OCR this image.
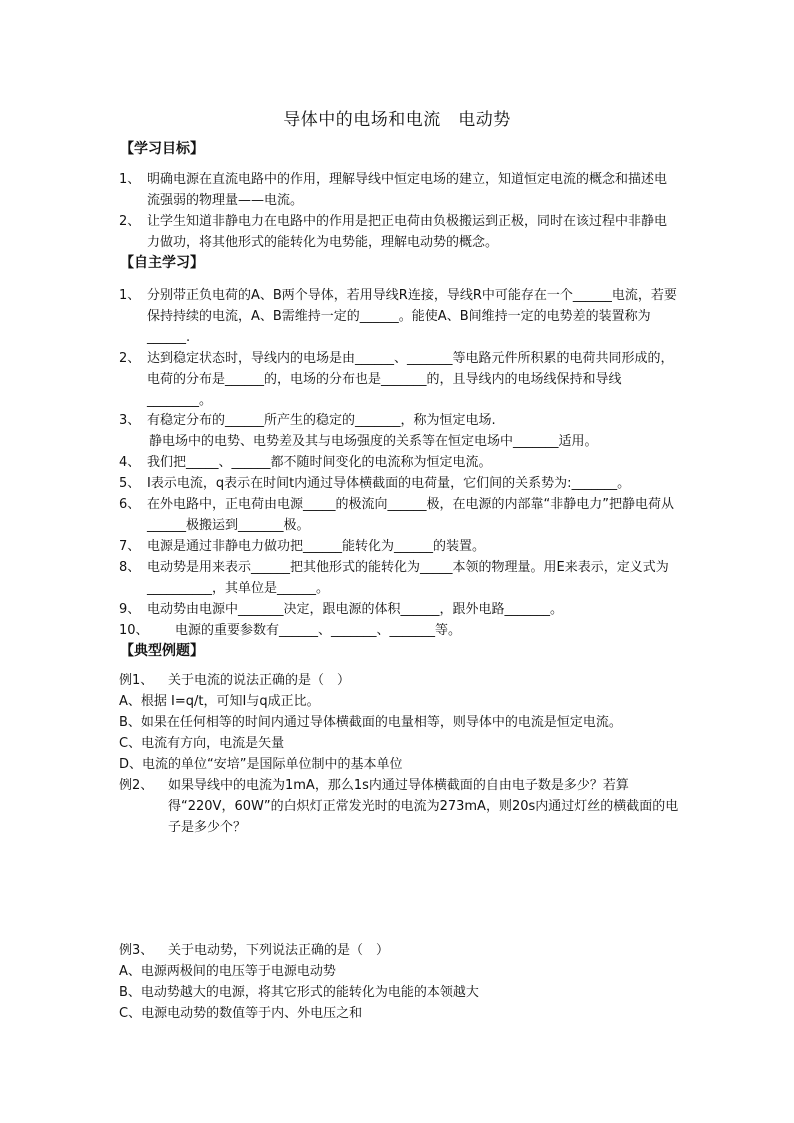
导体中的电场和电流　电动势
【学习目标】
1、 明确电源在直流电路中的作用，理解导线中恒定电场的建立，知道恒定电流的概念和描述电流强弱的物理量——电流。
2、 让学生知道非静电力在电路中的作用是把正电荷由负极搬运到正极，同时在该过程中非静电力做功，将其他形式的能转化为电势能，理解电动势的概念。
【自主学习】
1、 分别带正负电荷的A、B两个导体，若用导线R连接，导线R中可能存在一个______电流，若要保持持续的电流，A、B需维持一定的______。能使A、B间维持一定的电势差的装置称为______.
2、 达到稳定状态时，导线内的电场是由______、_______等电路元件所积累的电荷共同形成的，电荷的分布是______的，电场的分布也是_______的，且导线内的电场线保持和导线________。
3、 有稳定分布的______所产生的稳定的_______，称为恒定电场.
静电场中的电势、电势差及其与电场强度的关系等在恒定电场中_______适用。
4、 我们把_____、______都不随时间变化的电流称为恒定电流。
5、 I表示电流，q表示在时间t内通过导体横截面的电荷量，它们间的关系势为:_______。
6、 在外电路中，正电荷由电源_____的极流向______极，在电源的内部靠“非静电力”把静电荷从______极搬运到_______极。
7、 电源是通过非静电力做功把______能转化为______的装置。
8、 电动势是用来表示______把其他形式的能转化为_____本领的物理量。用E来表示，定义式为__________，其单位是______。
9、 电动势由电源中_______决定，跟电源的体积______，跟外电路_______。
10、	电源的重要参数有______、_______、_______等。
【典型例题】
例1、	关于电流的说法正确的是（　）
A、根据 I=q/t，可知I与q成正比。
B、如果在任何相等的时间内通过导体横截面的电量相等，则导体中的电流是恒定电流。
C、电流有方向，电流是矢量
D、电流的单位“安培”是国际单位制中的基本单位
例2、	如果导线中的电流为1mA，那么1s内通过导体横截面的自由电子数是多少？若算得“220V，60W”的白炽灯正常发光时的电流为273mA，则20s内通过灯丝的横截面的电子是多少个？
例3、	关于电动势，下列说法正确的是（　）
A、电源两极间的电压等于电源电动势
B、电动势越大的电源，将其它形式的能转化为电能的本领越大
C、电源电动势的数值等于内、外电压之和
